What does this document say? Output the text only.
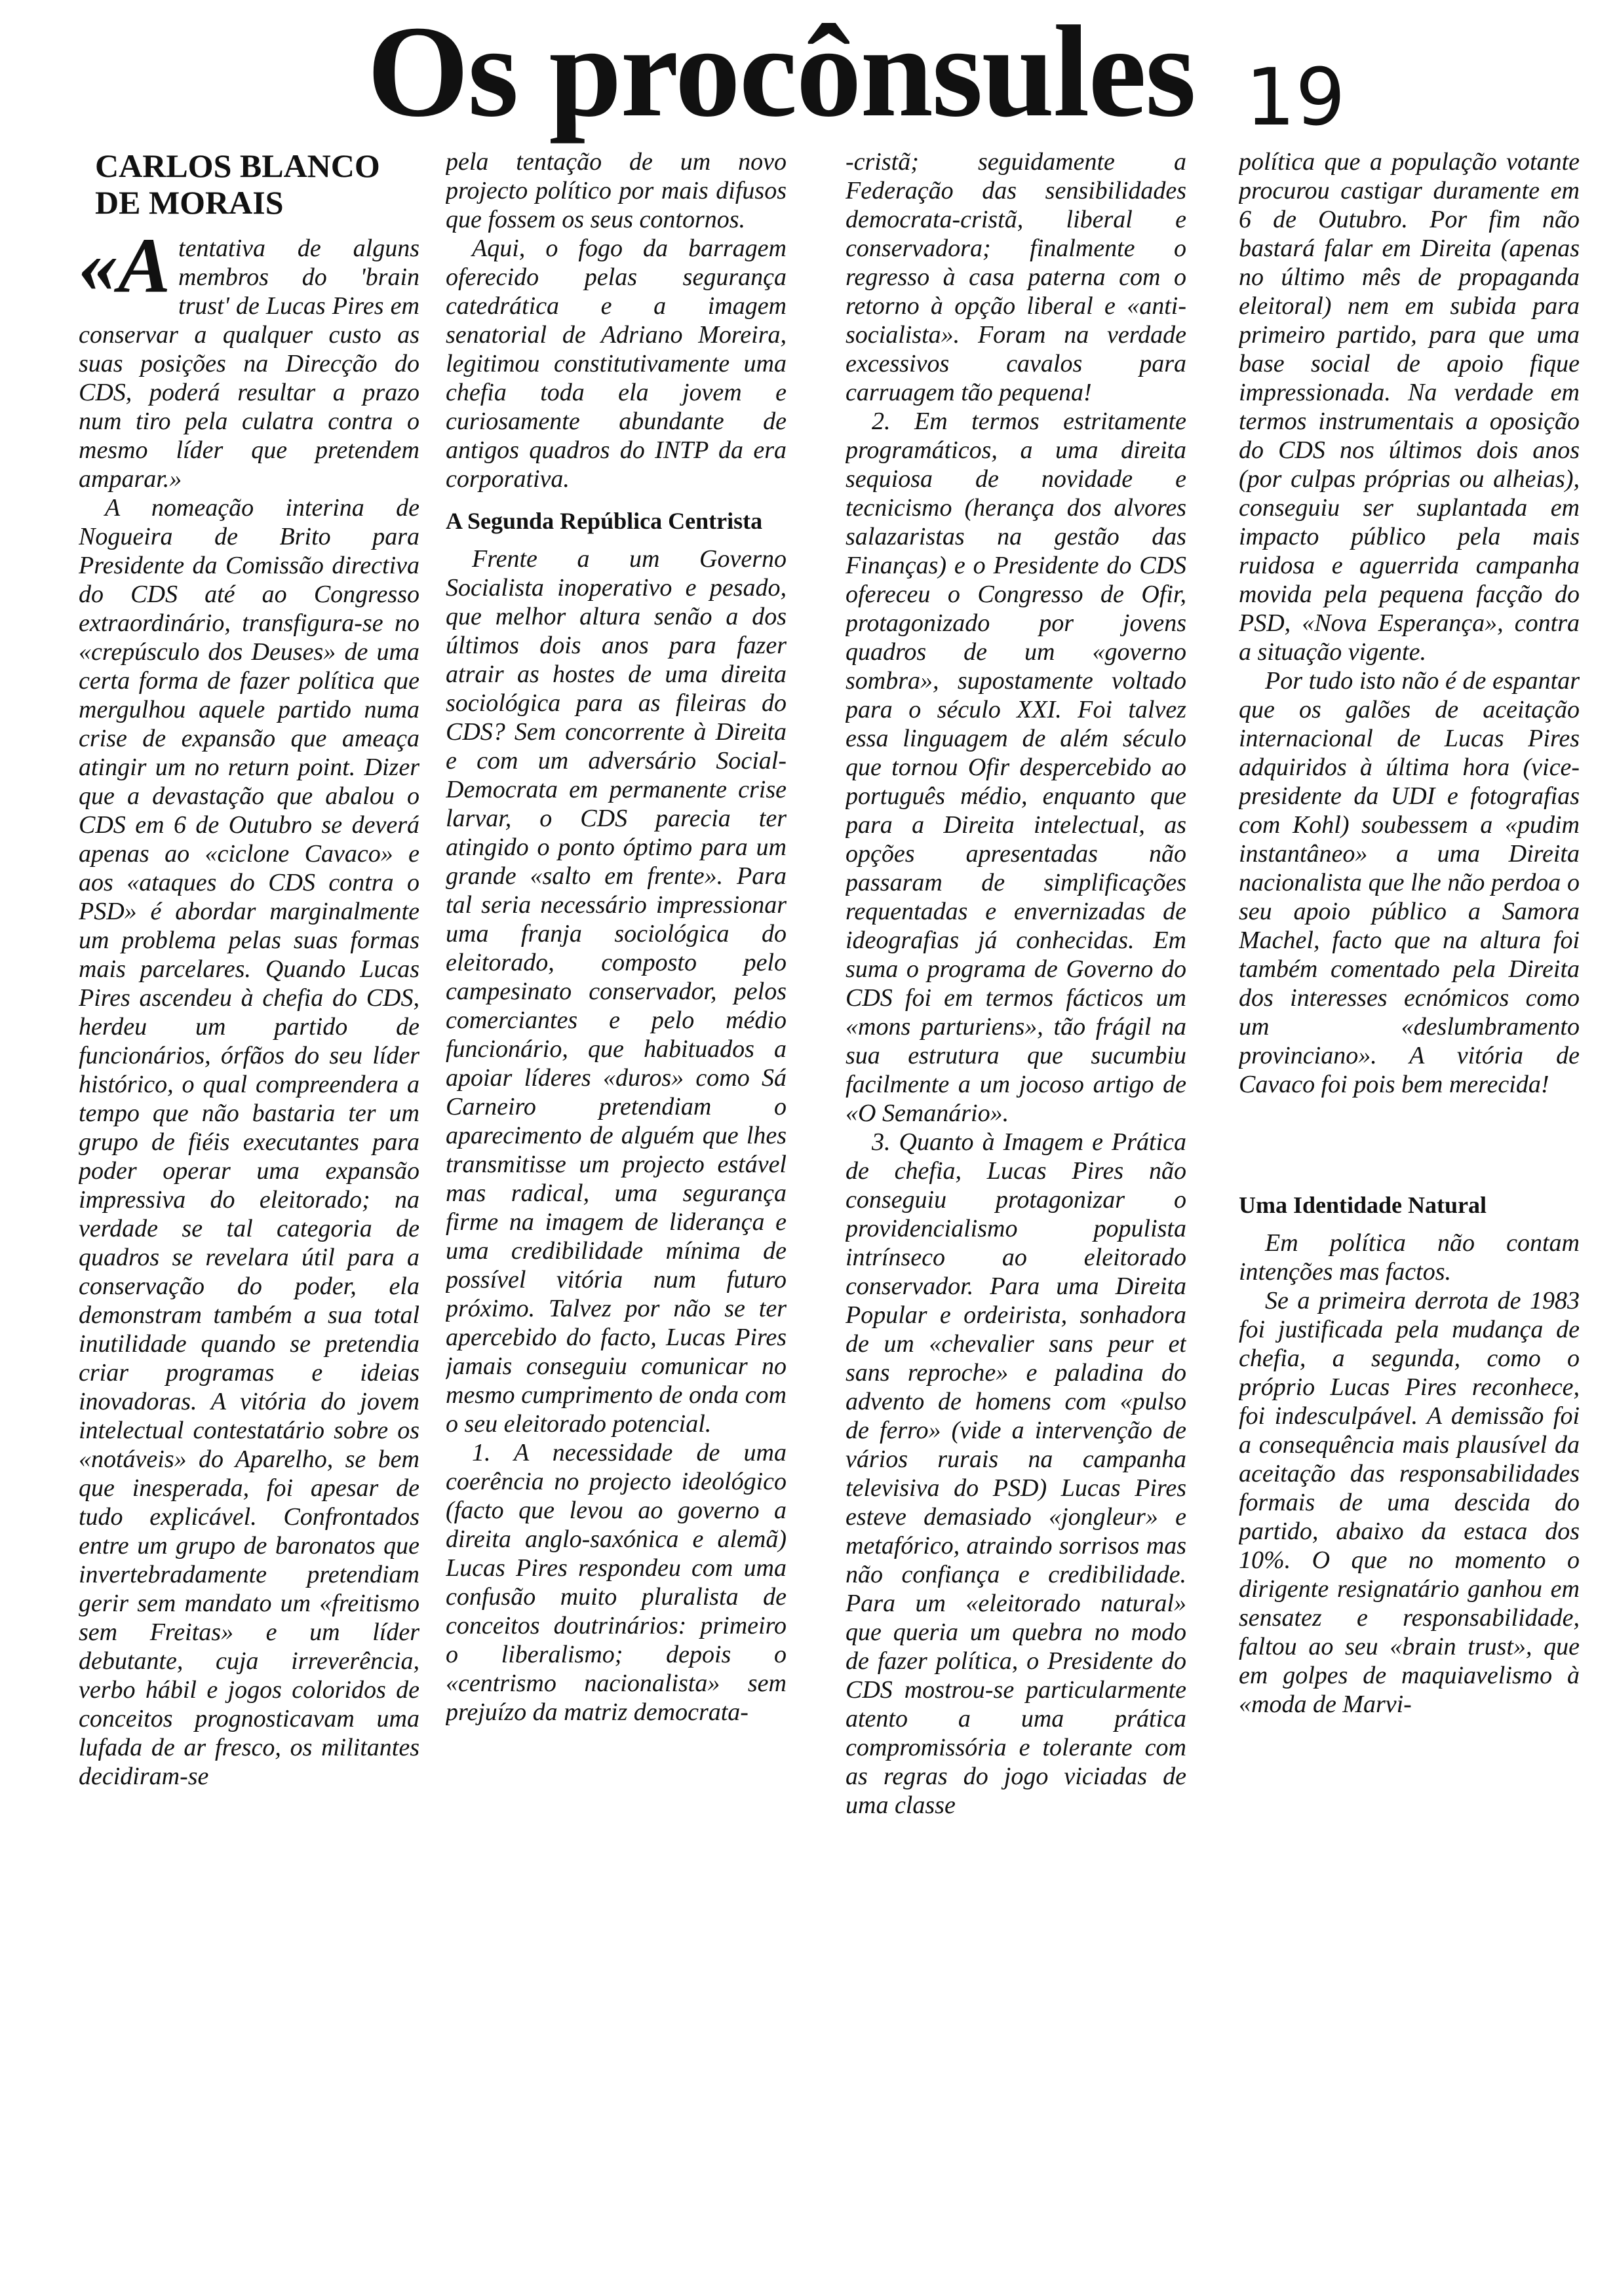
Os procônsules 19
CARLOS BLANCO DE MORAIS
«A tentativa de alguns membros do 'brain trust' de Lucas Pires em conservar a qualquer custo as suas posições na Direcção do CDS, poderá resultar a prazo num tiro pela culatra contra o mesmo líder que pretendem amparar.»

A nomeação interina de Nogueira de Brito para Presidente da Comissão directiva do CDS até ao Congresso extraordinário, transfigura-se no «crepúsculo dos Deuses» de uma certa forma de fazer política que mergulhou aquele partido numa crise de expansão que ameaça atingir um no return point. Dizer que a devastação que abalou o CDS em 6 de Outubro se deverá apenas ao «ciclone Cavaco» e aos «ataques do CDS contra o PSD» é abordar marginalmente um problema pelas suas formas mais parcelares. Quando Lucas Pires ascendeu à chefia do CDS, herdeu um partido de funcionários, órfãos do seu líder histórico, o qual compreendera a tempo que não bastaria ter um grupo de fiéis executantes para poder operar uma expansão impressiva do eleitorado; na verdade se tal categoria de quadros se revelara útil para a conservação do poder, ela demonstram também a sua total inutilidade quando se pretendia criar programas e ideias inovadoras. A vitória do jovem intelectual contestatário sobre os «notáveis» do Aparelho, se bem que inesperada, foi apesar de tudo explicável. Confrontados entre um grupo de baronatos que invertebradamente pretendiam gerir sem mandato um «freitismo sem Freitas» e um líder debutante, cuja irreverência, verbo hábil e jogos coloridos de conceitos prognosticavam uma lufada de ar fresco, os militantes decidiram-se

pela tentação de um novo projecto político por mais difusos que fossem os seus contornos.

Aqui, o fogo da barragem oferecido pelas segurança catedrática e a imagem senatorial de Adriano Moreira, legitimou constitutivamente uma chefia toda ela jovem e curiosamente abundante de antigos quadros do INTP da era corporativa.

A Segunda República Centrista

Frente a um Governo Socialista inoperativo e pesado, que melhor altura senão a dos últimos dois anos para fazer atrair as hostes de uma direita sociológica para as fileiras do CDS? Sem concorrente à Direita e com um adversário Social-Democrata em permanente crise larvar, o CDS parecia ter atingido o ponto óptimo para um grande «salto em frente». Para tal seria necessário impressionar uma franja sociológica do eleitorado, composto pelo campesinato conservador, pelos comerciantes e pelo médio funcionário, que habituados a apoiar líderes «duros» como Sá Carneiro pretendiam o aparecimento de alguém que lhes transmitisse um projecto estável mas radical, uma segurança firme na imagem de liderança e uma credibilidade mínima de possível vitória num futuro próximo. Talvez por não se ter apercebido do facto, Lucas Pires jamais conseguiu comunicar no mesmo cumprimento de onda com o seu eleitorado potencial.

1. A necessidade de uma coerência no projecto ideológico (facto que levou ao governo a direita anglo-saxónica e alemã) Lucas Pires respondeu com uma confusão muito pluralista de conceitos doutrinários: primeiro o liberalismo; depois o «centrismo nacionalista» sem prejuízo da matriz democrata-

-cristã; seguidamente a Federação das sensibilidades democrata-cristã, liberal e conservadora; finalmente o regresso à casa paterna com o retorno à opção liberal e «anti-socialista». Foram na verdade excessivos cavalos para carruagem tão pequena!

2. Em termos estritamente programáticos, a uma direita sequiosa de novidade e tecnicismo (herança dos alvores salazaristas na gestão das Finanças) e o Presidente do CDS ofereceu o Congresso de Ofir, protagonizado por jovens quadros de um «governo sombra», supostamente voltado para o século XXI. Foi talvez essa linguagem de além século que tornou Ofir despercebido ao português médio, enquanto que para a Direita intelectual, as opções apresentadas não passaram de simplificações requentadas e envernizadas de ideografias já conhecidas. Em suma o programa de Governo do CDS foi em termos fácticos um «mons parturiens», tão frágil na sua estrutura que sucumbiu facilmente a um jocoso artigo de «O Semanário».

3. Quanto à Imagem e Prática de chefia, Lucas Pires não conseguiu protagonizar o providencialismo populista intrínseco ao eleitorado conservador. Para uma Direita Popular e ordeirista, sonhadora de um «chevalier sans peur et sans reproche» e paladina do advento de homens com «pulso de ferro» (vide a intervenção de vários rurais na campanha televisiva do PSD) Lucas Pires esteve demasiado «jongleur» e metafórico, atraindo sorrisos mas não confiança e credibilidade. Para um «eleitorado natural» que queria um quebra no modo de fazer política, o Presidente do CDS mostrou-se particularmente atento a uma prática compromissória e tolerante com as regras do jogo viciadas de uma classe

política que a população votante procurou castigar duramente em 6 de Outubro. Por fim não bastará falar em Direita (apenas no último mês de propaganda eleitoral) nem em subida para primeiro partido, para que uma base social de apoio fique impressionada. Na verdade em termos instrumentais a oposição do CDS nos últimos dois anos (por culpas próprias ou alheias), conseguiu ser suplantada em impacto público pela mais ruidosa e aguerrida campanha movida pela pequena facção do PSD, «Nova Esperança», contra a situação vigente.

Por tudo isto não é de espantar que os galões de aceitação internacional de Lucas Pires adquiridos à última hora (vice-presidente da UDI e fotografias com Kohl) soubessem a «pudim instantâneo» a uma Direita nacionalista que lhe não perdoa o seu apoio público a Samora Machel, facto que na altura foi também comentado pela Direita dos interesses ecnómicos como um «deslumbramento provinciano». A vitória de Cavaco foi pois bem merecida!

Uma Identidade Natural

Em política não contam intenções mas factos.

Se a primeira derrota de 1983 foi justificada pela mudança de chefia, a segunda, como o próprio Lucas Pires reconhece, foi indesculpável. A demissão foi a consequência mais plausível da aceitação das responsabilidades formais de uma descida do partido, abaixo da estaca dos 10%. O que no momento o dirigente resignatário ganhou em sensatez e responsabilidade, faltou ao seu «brain trust», que em golpes de maquiavelismo à «moda de Marvi-
